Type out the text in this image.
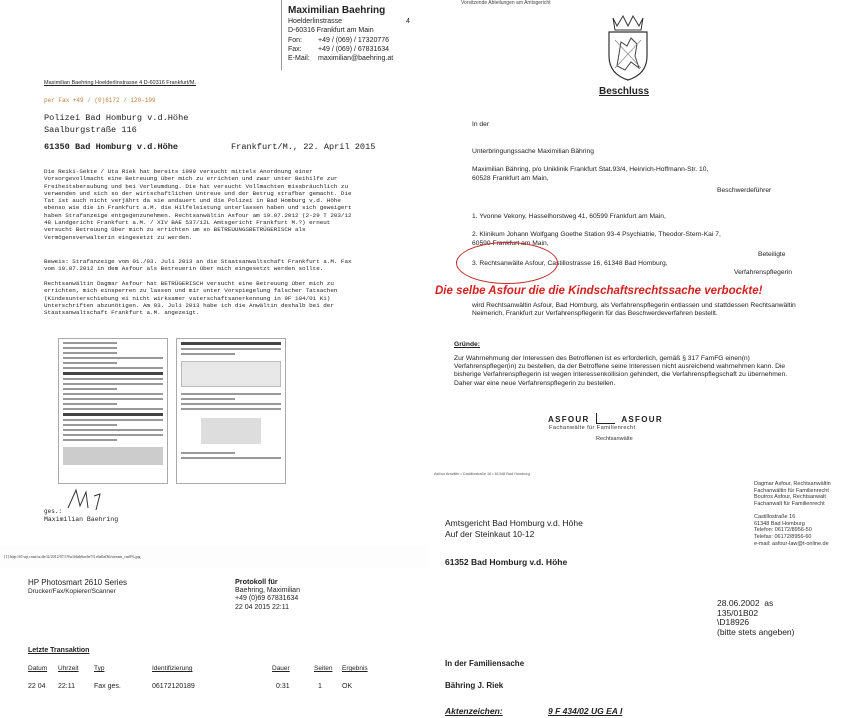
Maximilian Baehring
Hoelderlinstrasse	4
D-60316 Frankfurt am Main
Fon:	+49 / (069) / 17320776
Fax:	+49 / (069) / 67831634
E-Mail:	maximilian@baehring.at
Maximilian Baehring Hoelderlinstrasse 4 D-60316 Frankfurt/M.
per Fax +49 / (0)6172 / 120-199
Polizei Bad Homburg v.d.Höhe
Saalburgstraße 116
61350 Bad Homburg v.d.Höhe	Frankfurt/M., 22. April 2015
Die Reiki-Sekte / Uta Riek hat bereits 1999 versucht mittels Anordnung einer Vorsorgevollmacht eine Betreuung über mich zu errichten und zwar unter Beihilfe zur Freiheitsberaubung und bei Verleumdung. Die hat versucht Vollmachten missbräuchlich zu verwenden und sich so der wirtschaftlichen Untreue und der Betrug strafbar gemacht. Die Tat ist auch nicht verjährt da sie andauert und die Polizei in Bad Homburg v.d. Höhe ebenso wie die in Frankfurt a.M. die Hilfeleistung unterlassen haben und sich geweigert haben Strafanzeige entgegenzunehmen. Rechtsanwältin Asfour am 19.07.2012 (2-29 T 203/12 48 Landgericht Frankfurt a.M. / XIV BAE 537/12L Amtsgericht Frankfurt M.?) erneut versucht Betreuung über mich zu errichten um so BETREUUNGSBETRÜGERISCH als Vermögensverwalterin eingesetzt zu werden.
Beweis: Strafanzeige vom 01./03. Juli 2013 an die Staatsanwaltschaft Frankfurt a.M. Fax vom 19.07.2012 in dem Asfour als Betreuerin über mich eingesetzt werden sollte.
Rechtsanwältin Dagmar Asfour hat BETRÜGERISCH versucht eine Betreuung über mich zu errichten, mich einsperren zu lassen und mir unter Vorspiegelung falscher Tatsachen (Kindesunterschiebung ei nicht wirksamer vaterschaftsanerkennung in 9F 104/01 Ki) Unterschriften abzunötigen. Am 03. Juli 2013 habe ich die Anwältin deshalb bei der Staatsanwaltschaft Frankfurt a.M. angezeigt.
ges.:
Maximilian Baehring
[1] http://i0.wp.com/sz.de/i2/2012/07/19/u1fdab6ac6e7f1c6a0af36/stream_cm0%.jpg
HP Photosmart 2610 Series
Drucker/Fax/Kopierer/Scanner
Protokoll für
Baehring, Maximilian
+49 (0)69 67831634
22 04 2015 22:11
Letzte Transaktion
Datum Uhrzeit Typ	Identifizierung	Dauer	Seiten Ergebnis
22 04 22:11	Fax ges.	06172120189	0:31	1	OK
Vorsitzende Abteilungen am Amtsgericht
Beschluss
In der
Unterbringungssache Maximilian Bähring
Maximilian Bähring, p/o Uniklinik Frankfurt Stat.93/4, Heinrich-Hoffmann-Str. 10,
60528 Frankfurt am Main,
Beschwerdeführer
1. Yvonne Vekony, Hasselhorstweg 41, 60599 Frankfurt am Main,
2. Klinikum Johann Wolfgang Goethe Station 93-4 Psychiatrie, Theodor-Stern-Kai 7,
60590 Frankfurt am Main,
Beteiligte
3. Rechtsanwälte Asfour, Castillostrasse 16, 61348 Bad Homburg,
Verfahrenspflegerin
Die selbe Asfour die die Kindschaftsrechtssache verbockte!
wird Rechtsanwältin Asfour, Bad Homburg, als Verfahrenspflegerin entlassen und stattdessen Rechtsanwältin Neimerich, Frankfurt zur Verfahrenspflegerin für das Beschwerdeverfahren bestellt.
Gründe:
Zur Wahrnehmung der Interessen des Betroffenen ist es erforderlich, gemäß § 317 FamFG einen(n) Verfahrenspfleger(in) zu bestellen, da der Betroffene seine Interessen nicht ausreichend wahrnehmen kann. Die bisherige Verfahrenspflegerin ist wegen Interessenkollision gehindert, die Verfahrenspflegschaft zu übernehmen. Daher war eine neue Verfahrenspflegerin zu bestellen.
ASFOUR	ASFOUR
Fachanwälte für Familienrecht
Rechtsanwälte
Asfour Anwälte • Castillostraße 16 • 61348 Bad Homburg
Amtsgericht Bad Homburg v.d. Höhe
Auf der Steinkaut 10-12
61352 Bad Homburg v.d. Höhe
Dagmar Asfour, Rechtsanwältin
Fachanwältin für Familienrecht
Boutros Asfour, Rechtsanwalt
Fachanwalt für Familienrecht
Castillostraße 16
61348 Bad Homburg
Telefon: 06172/8956-50
Telefax: 06172/8956-60
e-mail: asfour-law@t-online.de
28.06.2002 as
135/01B02
\D18926
(bitte stets angeben)
In der Familiensache
Bähring J. Riek
Aktenzeichen:	9 F 434/02 UG EA I
